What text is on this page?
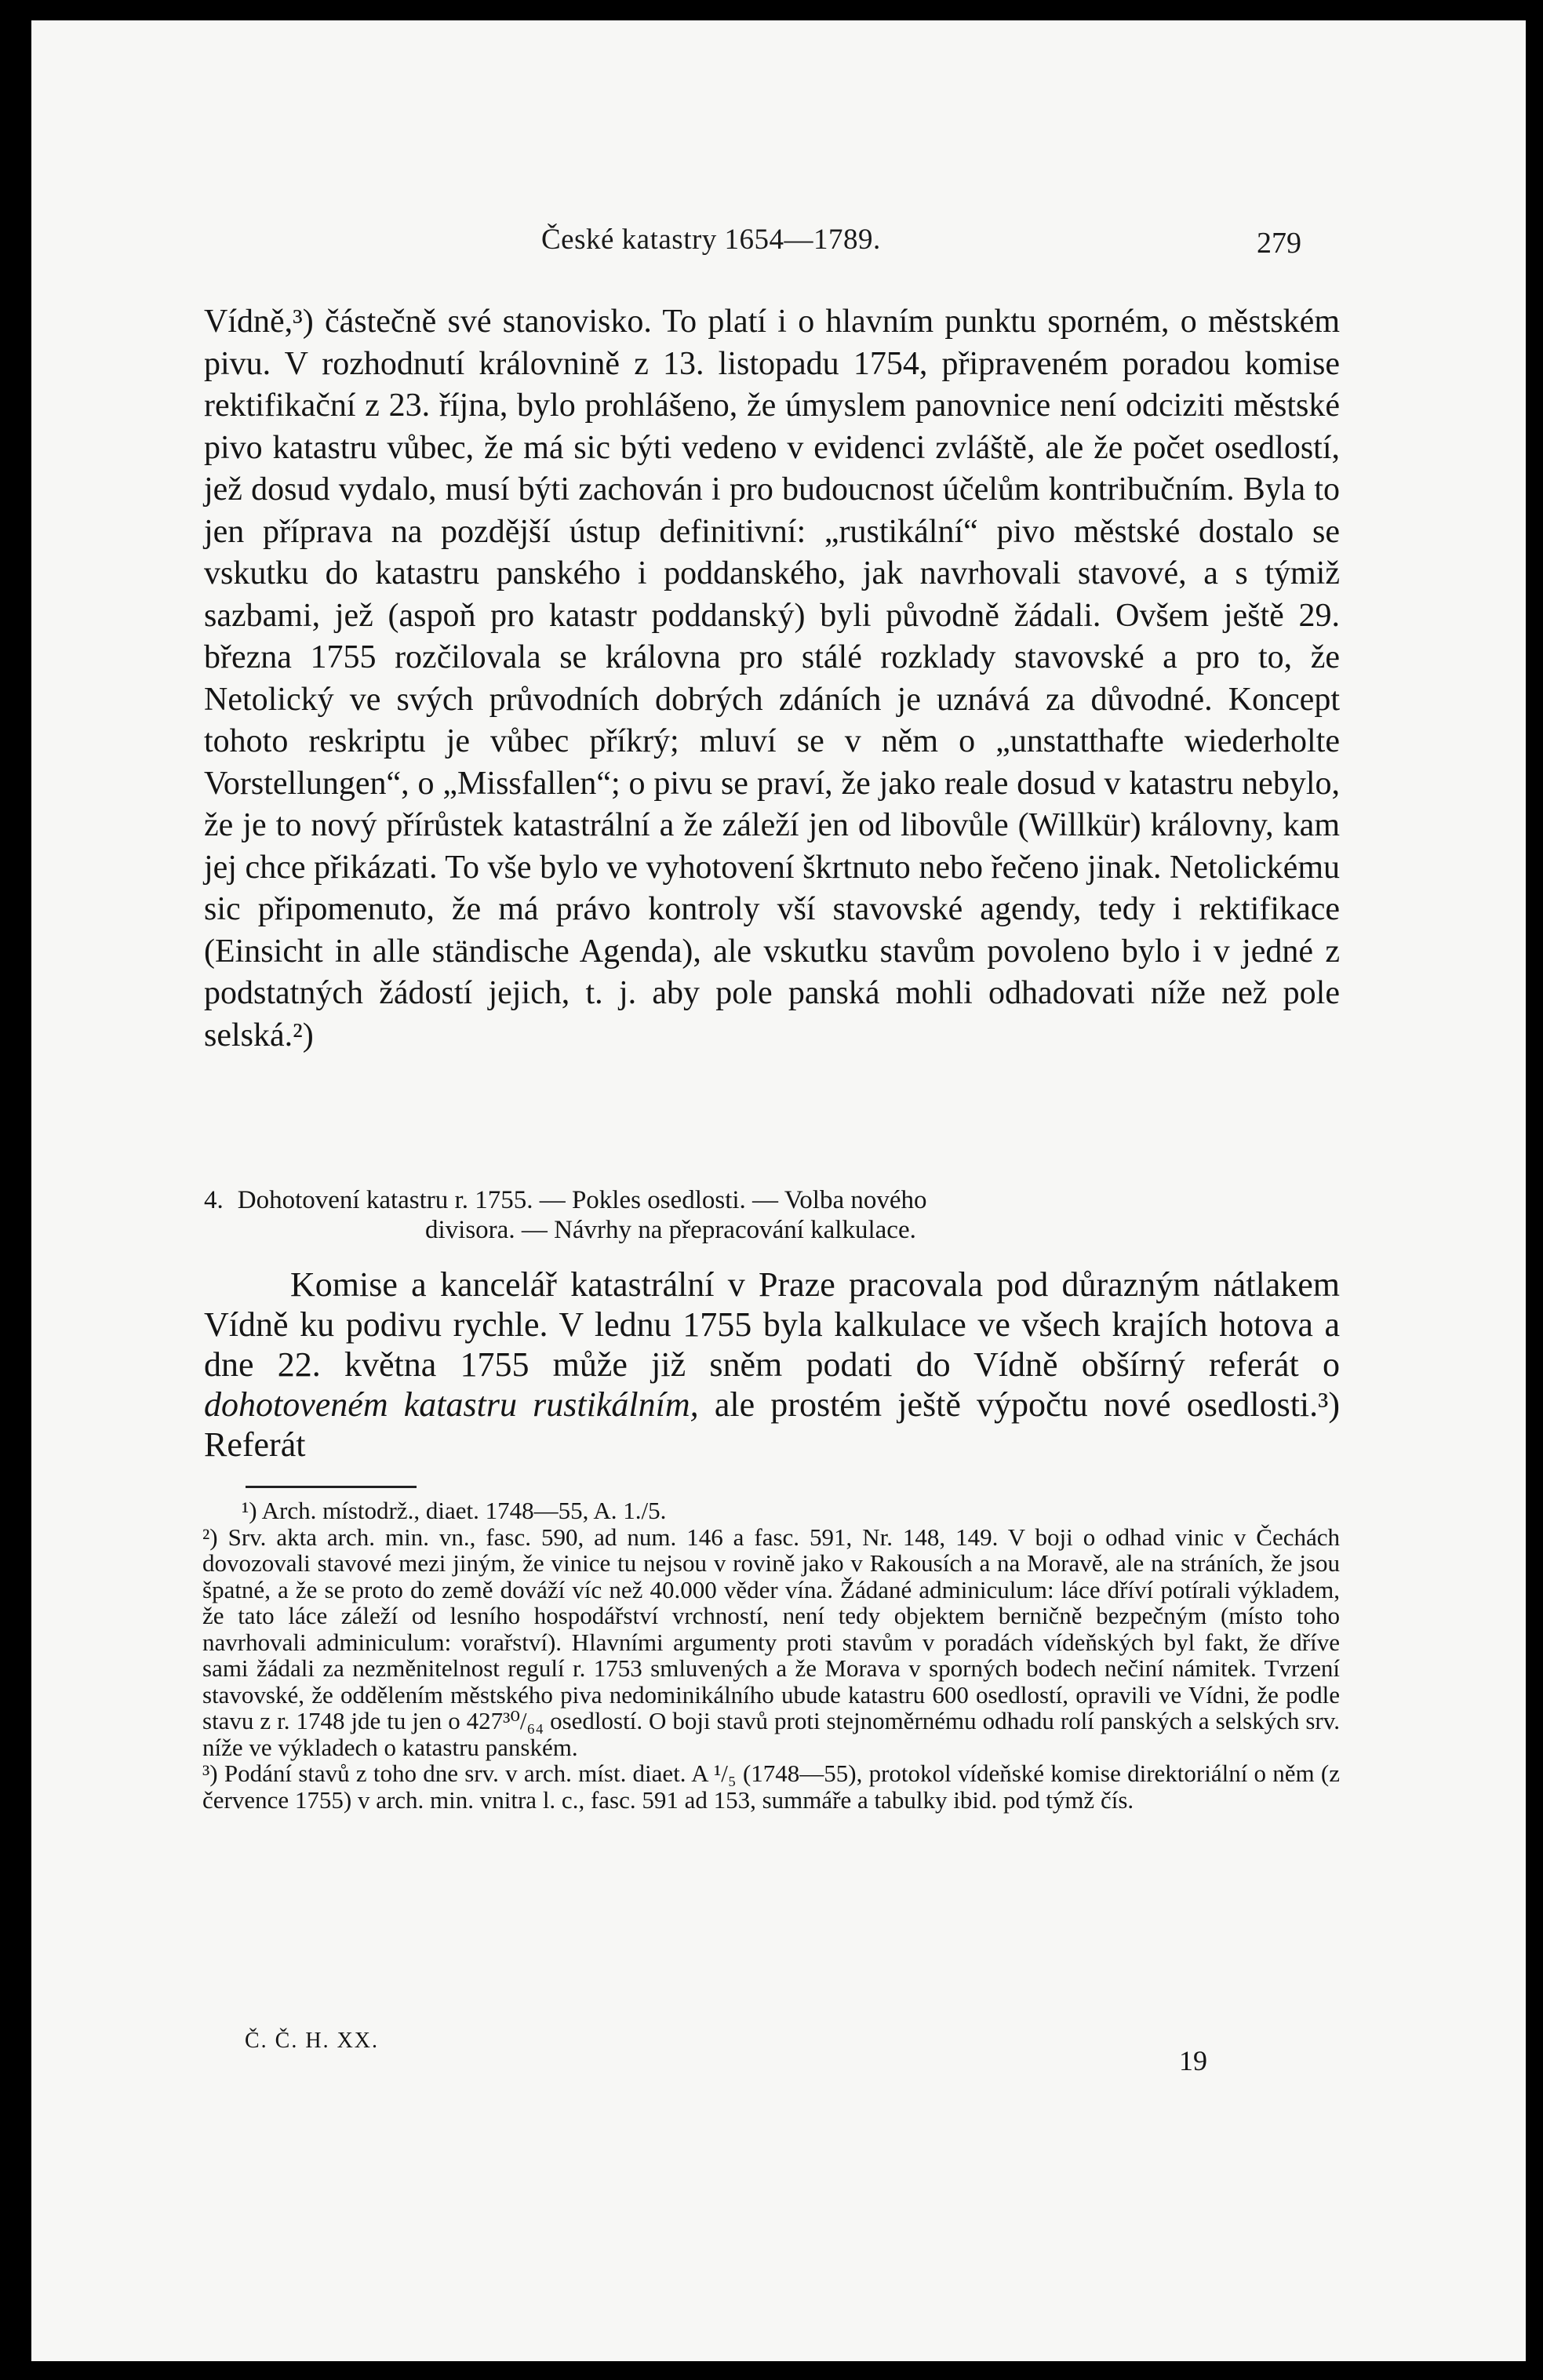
České katastry 1654—1789.	279

Vídně,³) částečně své stanovisko. To platí i o hlavním punktu sporném, o městském pivu. V rozhodnutí královnině z 13. listopadu 1754, připraveném poradou komise rektifikační z 23. října, bylo prohlášeno, že úmyslem panovnice není odciziti městské pivo katastru vůbec, že má sic býti vedeno v evidenci zvláště, ale že počet osedlostí, jež dosud vydalo, musí býti zachován i pro budoucnost účelům kontribučním. Byla to jen příprava na pozdější ústup definitivní: „rustikální“ pivo městské dostalo se vskutku do katastru panského i poddanského, jak navrhovali stavové, a s týmiž sazbami, jež (aspoň pro katastr poddanský) byli původně žádali. Ovšem ještě 29. března 1755 rozčilovala se královna pro stálé rozklady stavovské a pro to, že Netolický ve svých průvodních dobrých zdáních je uznává za důvodné. Koncept tohoto reskriptu je vůbec příkrý; mluví se v něm o „unstatthafte wiederholte Vorstellungen“, o „Missfallen“; o pivu se praví, že jako reale dosud v katastru nebylo, že je to nový přírůstek katastrální a že záleží jen od libovůle (Willkür) královny, kam jej chce přikázati. To vše bylo ve vyhotovení škrtnuto nebo řečeno jinak. Netolickému sic připomenuto, že má právo kontroly vší stavovské agendy, tedy i rektifikace (Einsicht in alle ständische Agenda), ale vskutku stavům povoleno bylo i v jedné z podstatných žádostí jejich, t. j. aby pole panská mohli odhadovati níže než pole selská.²)

4. Dohotovení katastru r. 1755. — Pokles osedlosti. — Volba nového
divisora. — Návrhy na přepracování kalkulace.

Komise a kancelář katastrální v Praze pracovala pod důrazným nátlakem Vídně ku podivu rychle. V lednu 1755 byla kalkulace ve všech krajích hotova a dne 22. května 1755 může již sněm podati do Vídně obšírný referát o dohotoveném katastru rustikálním, ale prostém ještě výpočtu nové osedlosti.³) Referát

¹) Arch. místodrž., diaet. 1748—55, A. 1./5.

²) Srv. akta arch. min. vn., fasc. 590, ad num. 146 a fasc. 591, Nr. 148, 149. V boji o odhad vinic v Čechách dovozovali stavové mezi jiným, že vinice tu nejsou v rovině jako v Rakousích a na Moravě, ale na stráních, že jsou špatné, a že se proto do země dováží víc než 40.000 věder vína. Žádané adminiculum: láce dříví potírali výkladem, že tato láce záleží od lesního hospodářství vrchností, není tedy objektem berničně bezpečným (místo toho navrhovali adminiculum: vorařství). Hlavními argumenty proti stavům v poradách vídeňských byl fakt, že dříve sami žádali za nezměnitelnost regulí r. 1753 smluvených a že Morava v sporných bodech nečiní námitek. Tvrzení stavovské, že oddělením městského piva nedominikálního ubude katastru 600 osedlostí, opravili ve Vídni, že podle stavu z r. 1748 jde tu jen o 427³⁰/₆₄ osedlostí. O boji stavů proti stejnoměrnému odhadu rolí panských a selských srv. níže ve výkladech o katastru panském.

³) Podání stavů z toho dne srv. v arch. míst. diaet. A ¹/₅ (1748—55), protokol vídeňské komise direktoriální o něm (z července 1755) v arch. min. vnitra l. c., fasc. 591 ad 153, summáře a tabulky ibid. pod týmž čís.

Č. Č. H. XX.
19
